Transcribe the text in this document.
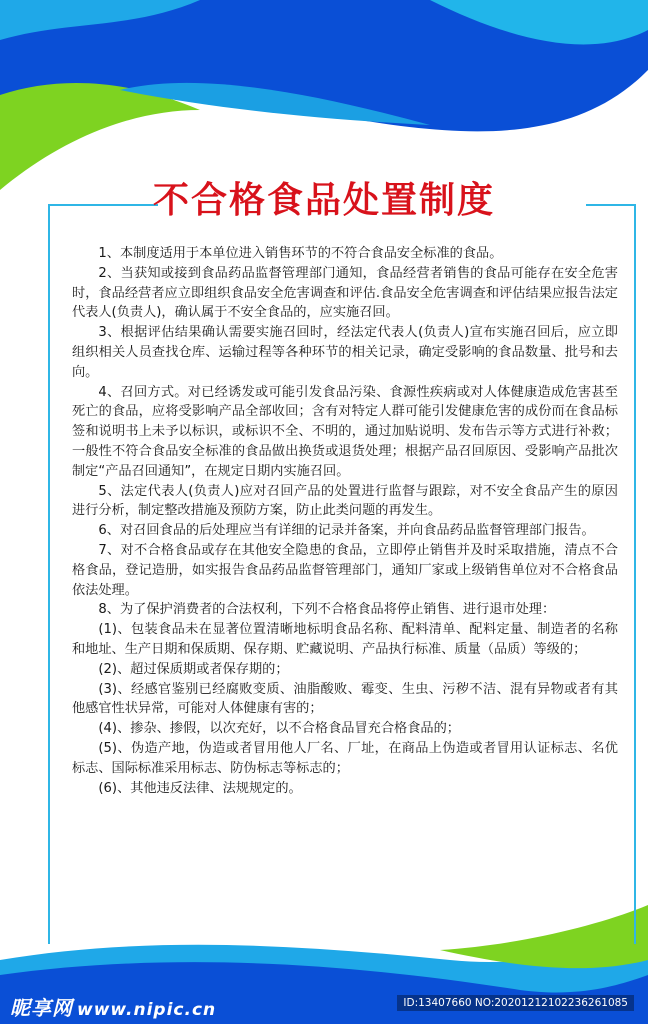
不合格食品处置制度

1、本制度适用于本单位进入销售环节的不符合食品安全标准的食品。

2、当获知或接到食品药品监督管理部门通知，食品经营者销售的食品可能存在安全危害时，食品经营者应立即组织食品安全危害调查和评估.食品安全危害调查和评估结果应报告法定代表人(负责人)，确认属于不安全食品的，应实施召回。

3、根据评估结果确认需要实施召回时，经法定代表人(负责人)宣布实施召回后，应立即组织相关人员查找仓库、运输过程等各种环节的相关记录，确定受影响的食品数量、批号和去向。

4、召回方式。对已经诱发或可能引发食品污染、食源性疾病或对人体健康造成危害甚至死亡的食品，应将受影响产品全部收回；含有对特定人群可能引发健康危害的成份而在食品标签和说明书上未予以标识，或标识不全、不明的，通过加贴说明、发布告示等方式进行补救；一般性不符合食品安全标准的食品做出换货或退货处理；根据产品召回原因、受影响产品批次制定“产品召回通知”，在规定日期内实施召回。

5、法定代表人(负责人)应对召回产品的处置进行监督与跟踪，对不安全食品产生的原因进行分析，制定整改措施及预防方案，防止此类问题的再发生。

6、对召回食品的后处理应当有详细的记录并备案，并向食品药品监督管理部门报告。

7、对不合格食品或存在其他安全隐患的食品，立即停止销售并及时采取措施，清点不合格食品，登记造册，如实报告食品药品监督管理部门，通知厂家或上级销售单位对不合格食品依法处理。

8、为了保护消费者的合法权利，下列不合格食品将停止销售、进行退市处理：

(1)、包装食品未在显著位置清晰地标明食品名称、配料清单、配料定量、制造者的名称和地址、生产日期和保质期、保存期、贮藏说明、产品执行标准、质量（品质）等级的；

(2)、超过保质期或者保存期的；

(3)、经感官鉴别已经腐败变质、油脂酸败、霉变、生虫、污秽不洁、混有异物或者有其他感官性状异常，可能对人体健康有害的；

(4)、掺杂、掺假，以次充好，以不合格食品冒充合格食品的；

(5)、伪造产地，伪造或者冒用他人厂名、厂址，在商品上伪造或者冒用认证标志、名优标志、国际标准采用标志、防伪标志等标志的；

(6)、其他违反法律、法规规定的。

昵享网 www.nipic.cn	ID:13407660 NO:20201212102236261085
